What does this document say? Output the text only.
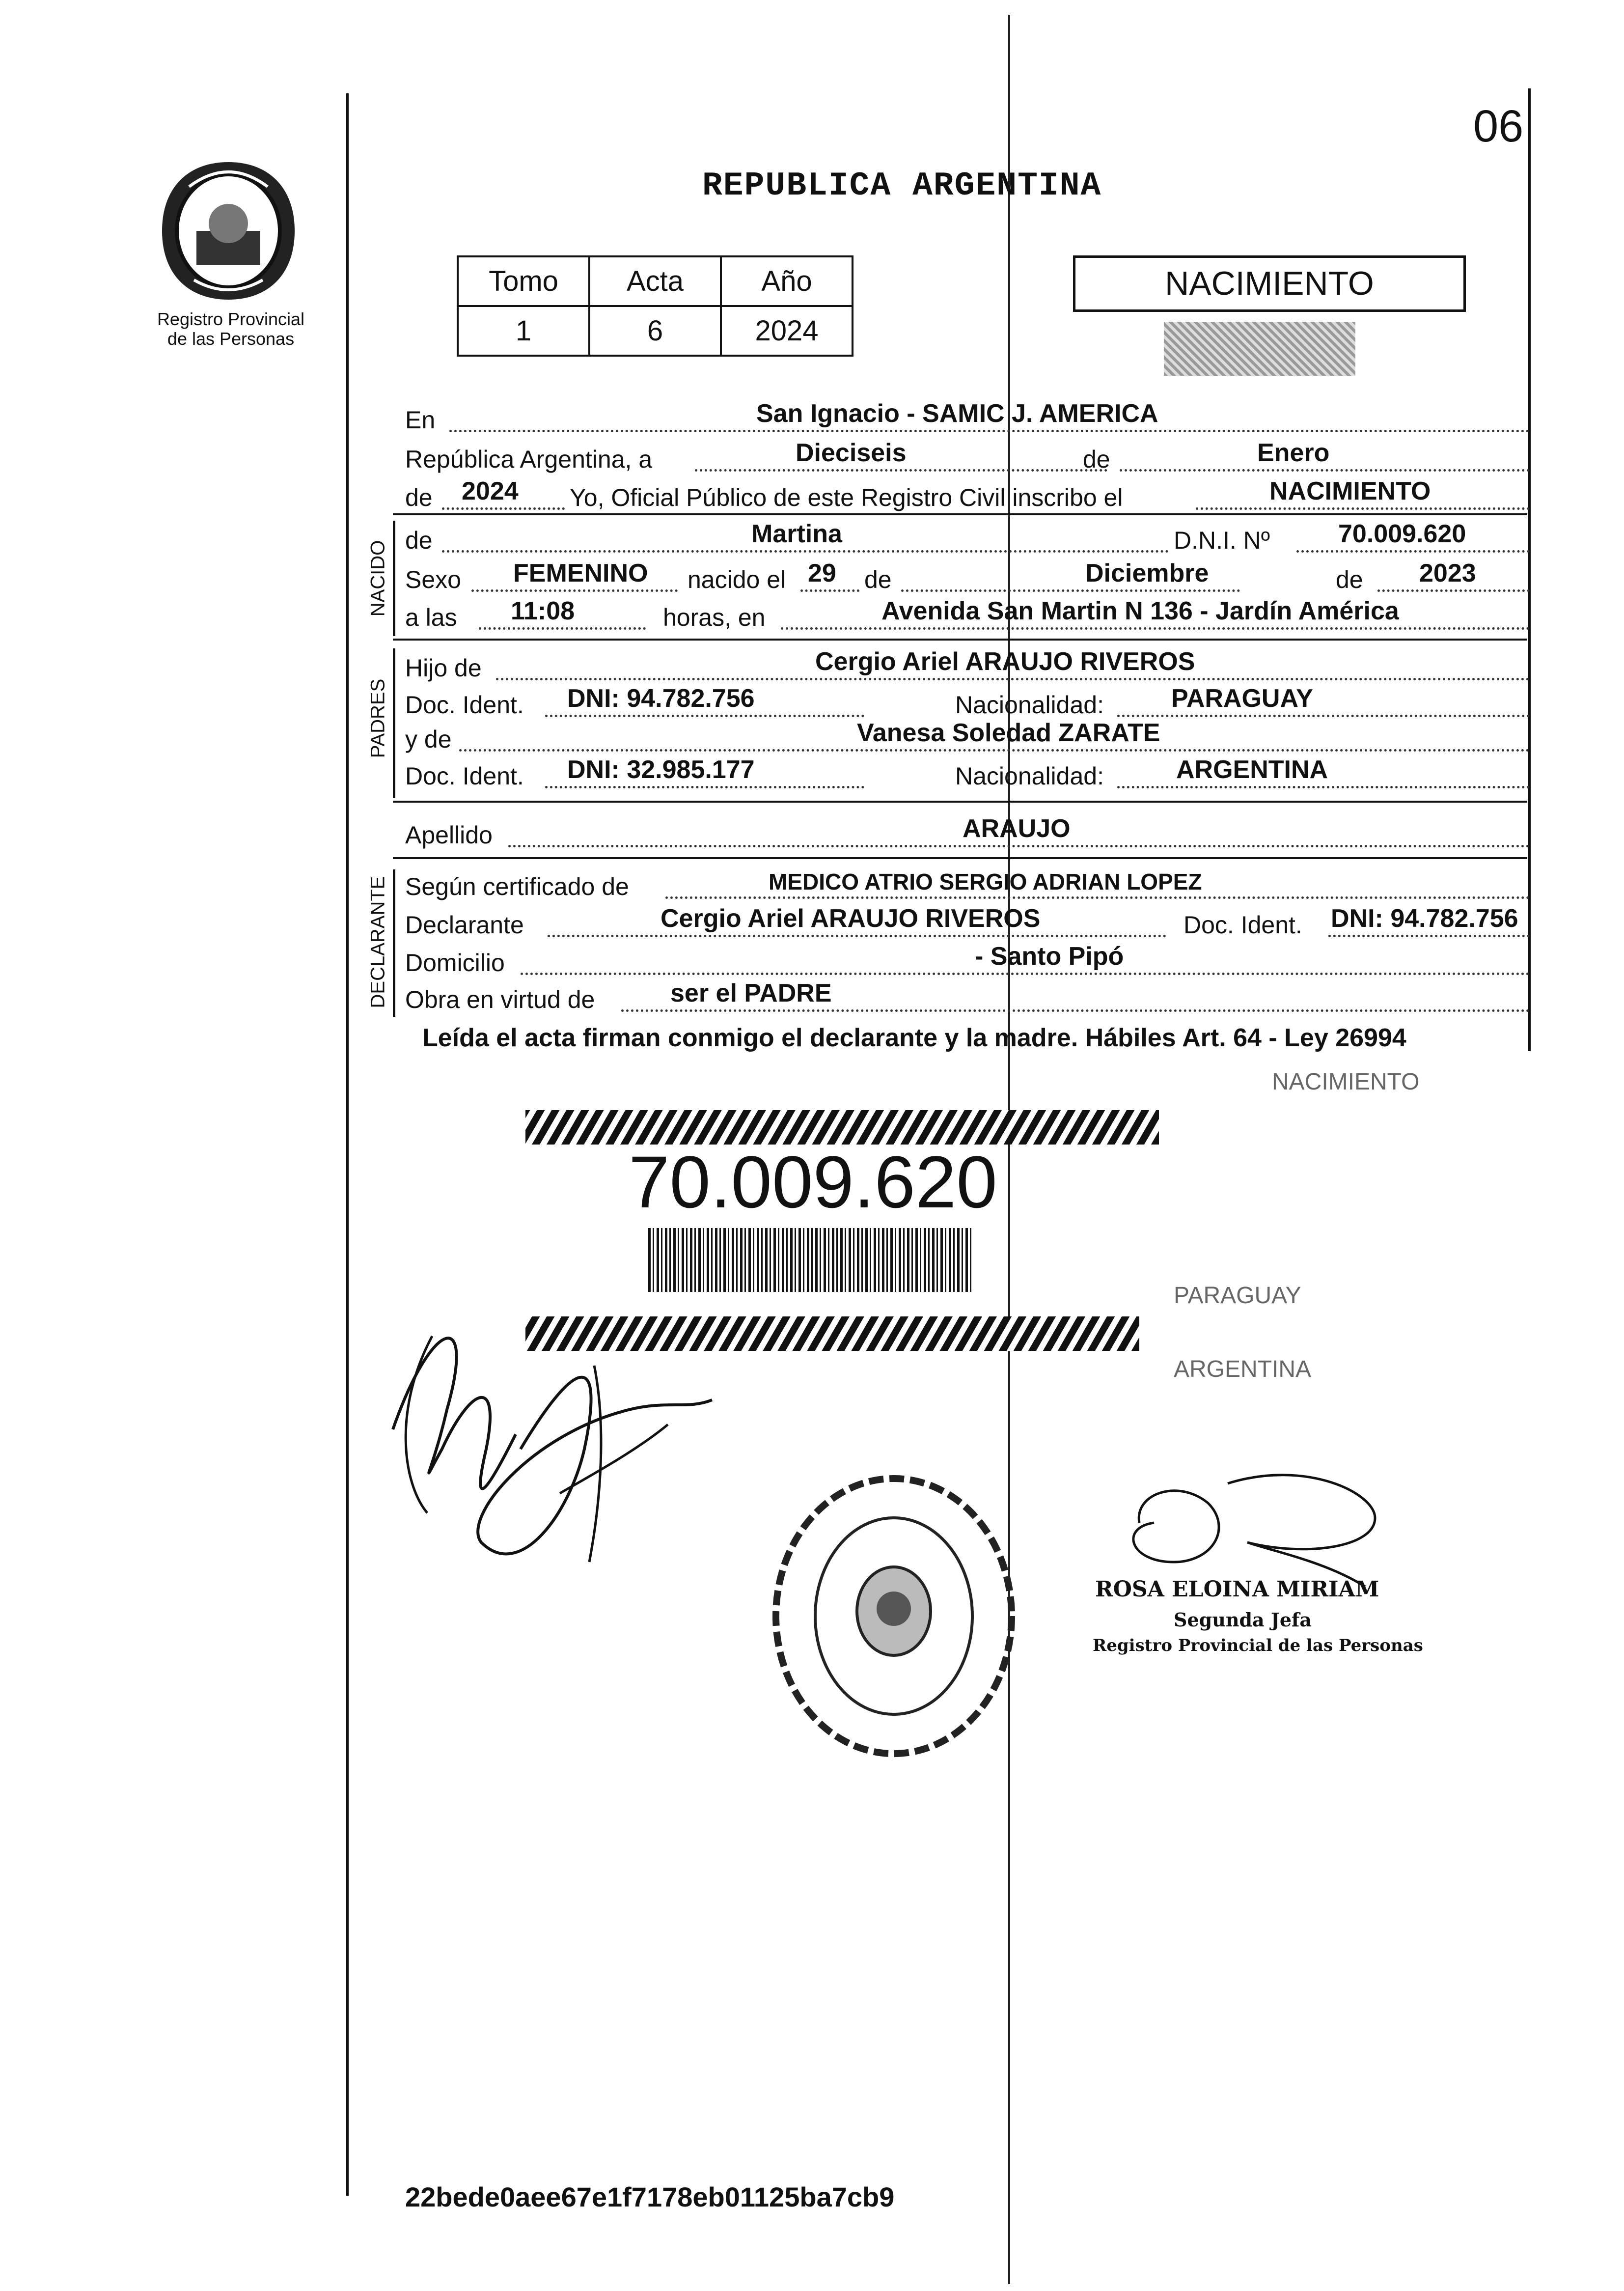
06
Registro Provincial
de las Personas
REPUBLICA ARGENTINA
Tomo	Acta	Año
1	6	2024
NACIMIENTO
En	San Ignacio - SAMIC J. AMERICA
República Argentina, a	Dieciseis	de	Enero
de 2024 Yo, Oficial Público de este Registro Civil inscribo el	NACIMIENTO
NACIDO de	Martina	D.N.I. Nº	70.009.620
Sexo FEMENINO nacido el 29 de	Diciembre	de 2023
a las 11:08	horas, en	Avenida San Martin N 136 - Jardín América
PADRES
Hijo de	Cergio Ariel ARAUJO RIVEROS
Doc. Ident. DNI: 94.782.756	Nacionalidad:	PARAGUAY
y de	Vanesa Soledad ZARATE
Doc. Ident. DNI: 32.985.177	Nacionalidad:	ARGENTINA
Apellido	ARAUJO
DECLARANTE Según certificado de	MEDICO ATRIO SERGIO ADRIAN LOPEZ
Declarante	Cergio Ariel ARAUJO RIVEROS	Doc. Ident. DNI: 94.782.756
Domicilio	- Santo Pipó
Obra en virtud de	ser el PADRE
Leída el acta firman conmigo el declarante y la madre. Hábiles Art. 64 - Ley 26994
NACIMIENTO
PARAGUAY
ARGENTINA
70.009.620
ROSA ELOINA MIRIAM
Segunda Jefa
Registro Provincial de las Personas
22bede0aee67e1f7178eb01125ba7cb9
